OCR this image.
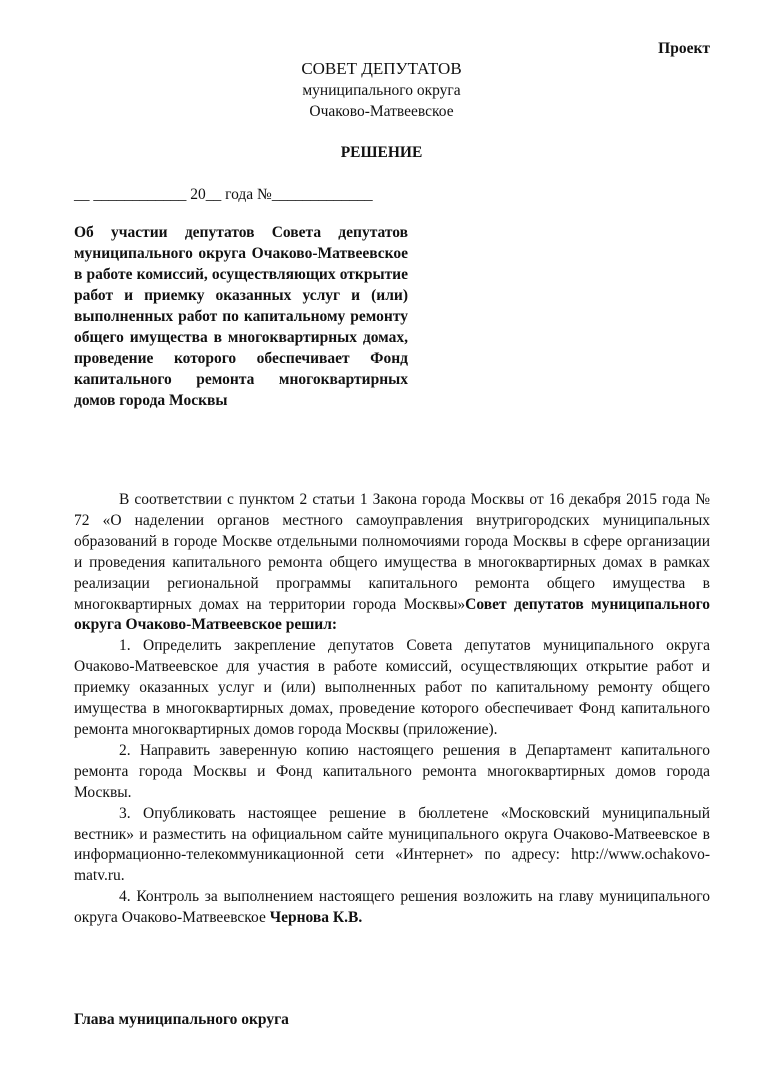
Проект
СОВЕТ ДЕПУТАТОВ
муниципального округа
Очаково-Матвеевское
РЕШЕНИЕ
__ ____________ 20__ года №_____________
Об участии депутатов Совета депутатов муниципального округа Очаково-Матвеевское в работе комиссий, осуществляющих открытие работ и приемку оказанных услуг и (или) выполненных работ по капитальному ремонту общего имущества в многоквартирных домах, проведение которого обеспечивает Фонд капитального ремонта многоквартирных домов города Москвы

В соответствии с пунктом 2 статьи 1 Закона города Москвы от 16 декабря 2015 года № 72 «О наделении органов местного самоуправления внутригородских муниципальных образований в городе Москве отдельными полномочиями города Москвы в сфере организации и проведения капитального ремонта общего имущества в многоквартирных домах в рамках реализации региональной программы капитального ремонта общего имущества в многоквартирных домах на территории города Москвы»Совет депутатов муниципального округа Очаково-Матвеевское решил:

1. Определить закрепление депутатов Совета депутатов муниципального округа Очаково-Матвеевское для участия в работе комиссий, осуществляющих открытие работ и приемку оказанных услуг и (или) выполненных работ по капитальному ремонту общего имущества в многоквартирных домах, проведение которого обеспечивает Фонд капитального ремонта многоквартирных домов города Москвы (приложение).

2. Направить заверенную копию настоящего решения в Департамент капитального ремонта города Москвы и Фонд капитального ремонта многоквартирных домов города Москвы.

3. Опубликовать настоящее решение в бюллетене «Московский муниципальный вестник» и разместить на официальном сайте муниципального округа Очаково-Матвеевское в информационно-телекоммуникационной сети «Интернет» по адресу: http://www.ochakovo-matv.ru.

4. Контроль за выполнением настоящего решения возложить на главу муниципального округа Очаково-Матвеевское Чернова К.В.

Глава муниципального округа
